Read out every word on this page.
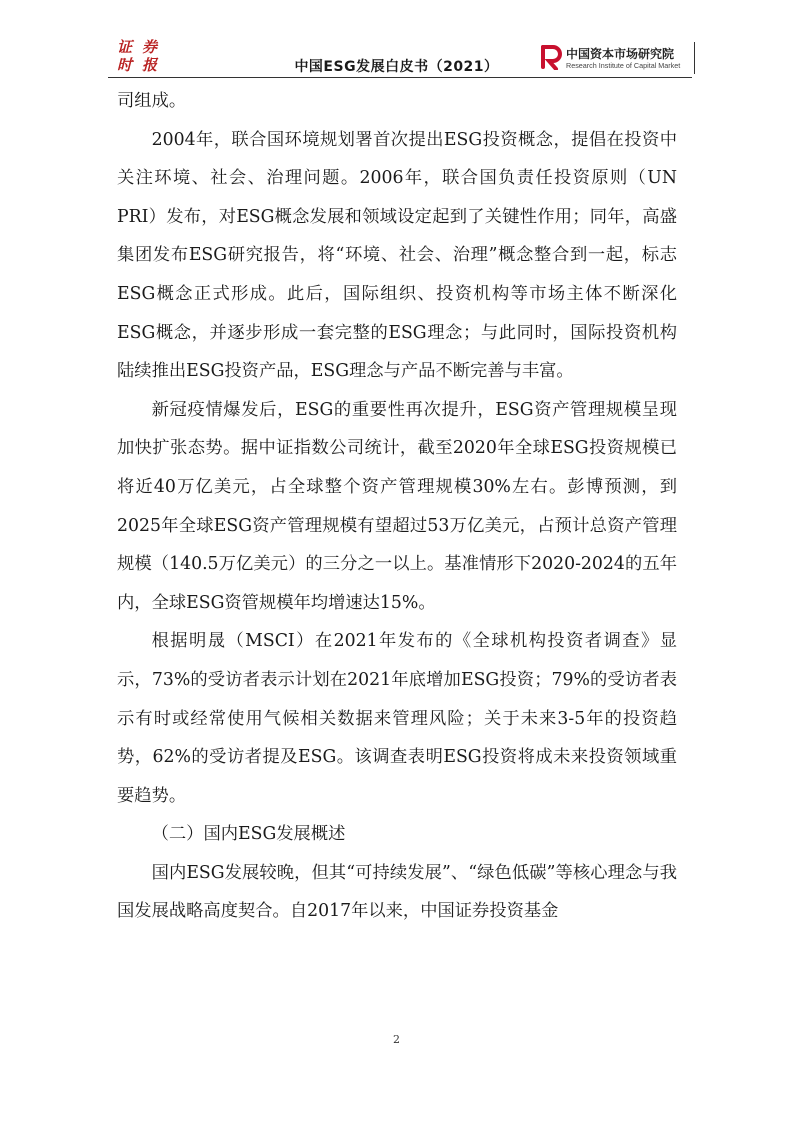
证 券
时 报	中国ESG发展白皮书（2021）
中国资本市场研究院
Research Institute of Capital Market

司组成。

2004年，联合国环境规划署首次提出ESG投资概念，提倡在投资中关注环境、社会、治理问题。2006年，联合国负责任投资原则（UN PRI）发布，对ESG概念发展和领域设定起到了关键性作用；同年，高盛集团发布ESG研究报告，将“环境、社会、治理”概念整合到一起，标志 ESG概念正式形成。此后，国际组织、投资机构等市场主体不断深化ESG概念，并逐步形成一套完整的ESG理念；与此同时，国际投资机构陆续推出ESG投资产品，ESG理念与产品不断完善与丰富。

新冠疫情爆发后，ESG的重要性再次提升，ESG资产管理规模呈现加快扩张态势。据中证指数公司统计，截至2020年全球ESG投资规模已将近40万亿美元，占全球整个资产管理规模30%左右。彭博预测，到2025年全球ESG资产管理规模有望超过53万亿美元，占预计总资产管理规模（140.5万亿美元）的三分之一以上。基准情形下2020-2024的五年内，全球ESG资管规模年均增速达15%。

根据明晟（MSCI）在2021年发布的《全球机构投资者调查》显示，73%的受访者表示计划在2021年底增加ESG投资；79%的受访者表示有时或经常使用气候相关数据来管理风险；关于未来3-5年的投资趋势，62%的受访者提及ESG。该调查表明ESG投资将成未来投资领域重要趋势。

（二）国内ESG发展概述

国内ESG发展较晚，但其“可持续发展”、“绿色低碳”等核心理念与我国发展战略高度契合。自2017年以来，中国证券投资基金

2
